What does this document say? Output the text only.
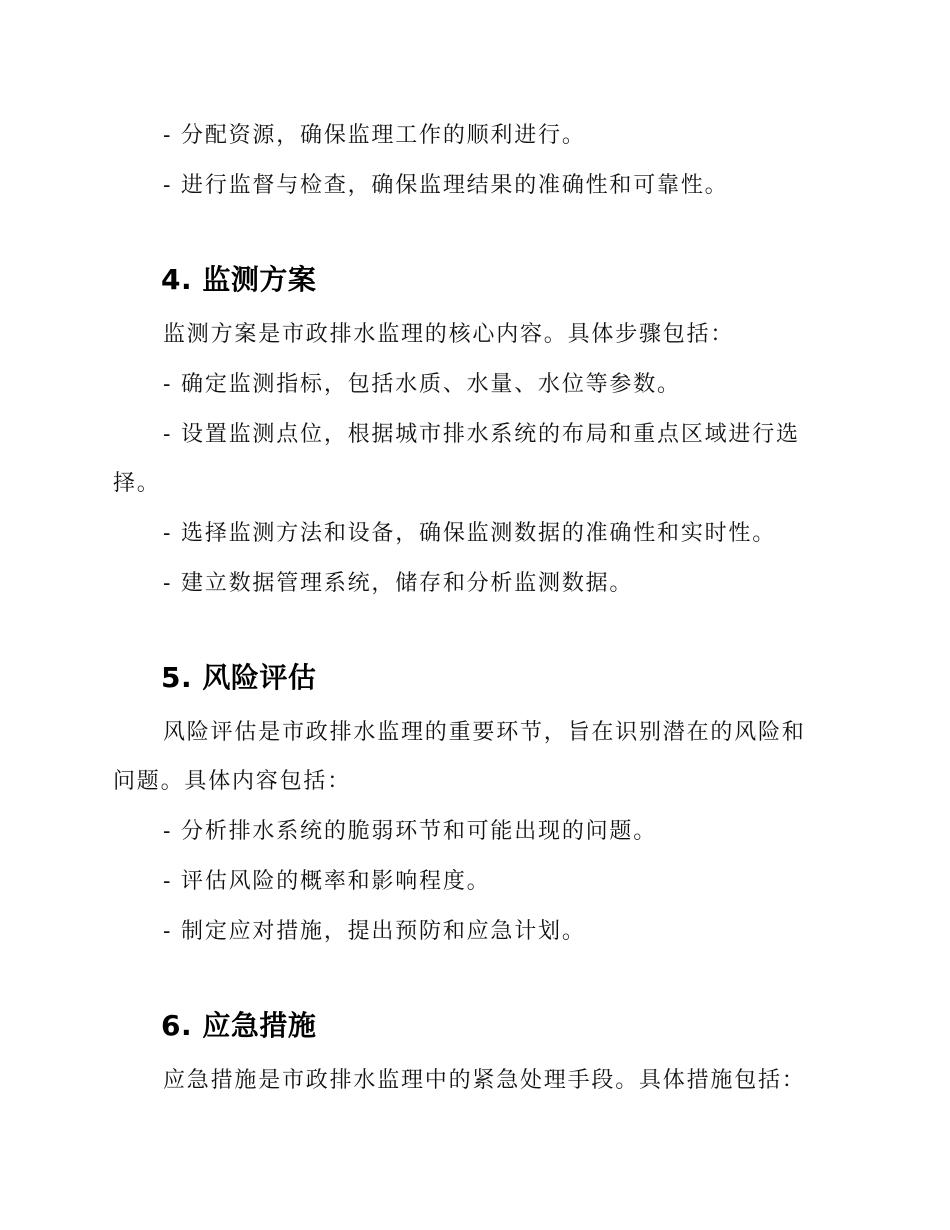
- 分配资源，确保监理工作的顺利进行。
- 进行监督与检查，确保监理结果的准确性和可靠性。
4. 监测方案
监测方案是市政排水监理的核心内容。具体步骤包括：
- 确定监测指标，包括水质、水量、水位等参数。
- 设置监测点位，根据城市排水系统的布局和重点区域进行选
择。
- 选择监测方法和设备，确保监测数据的准确性和实时性。
- 建立数据管理系统，储存和分析监测数据。
5. 风险评估
风险评估是市政排水监理的重要环节，旨在识别潜在的风险和
问题。具体内容包括：
- 分析排水系统的脆弱环节和可能出现的问题。
- 评估风险的概率和影响程度。
- 制定应对措施，提出预防和应急计划。
6. 应急措施
应急措施是市政排水监理中的紧急处理手段。具体措施包括：
